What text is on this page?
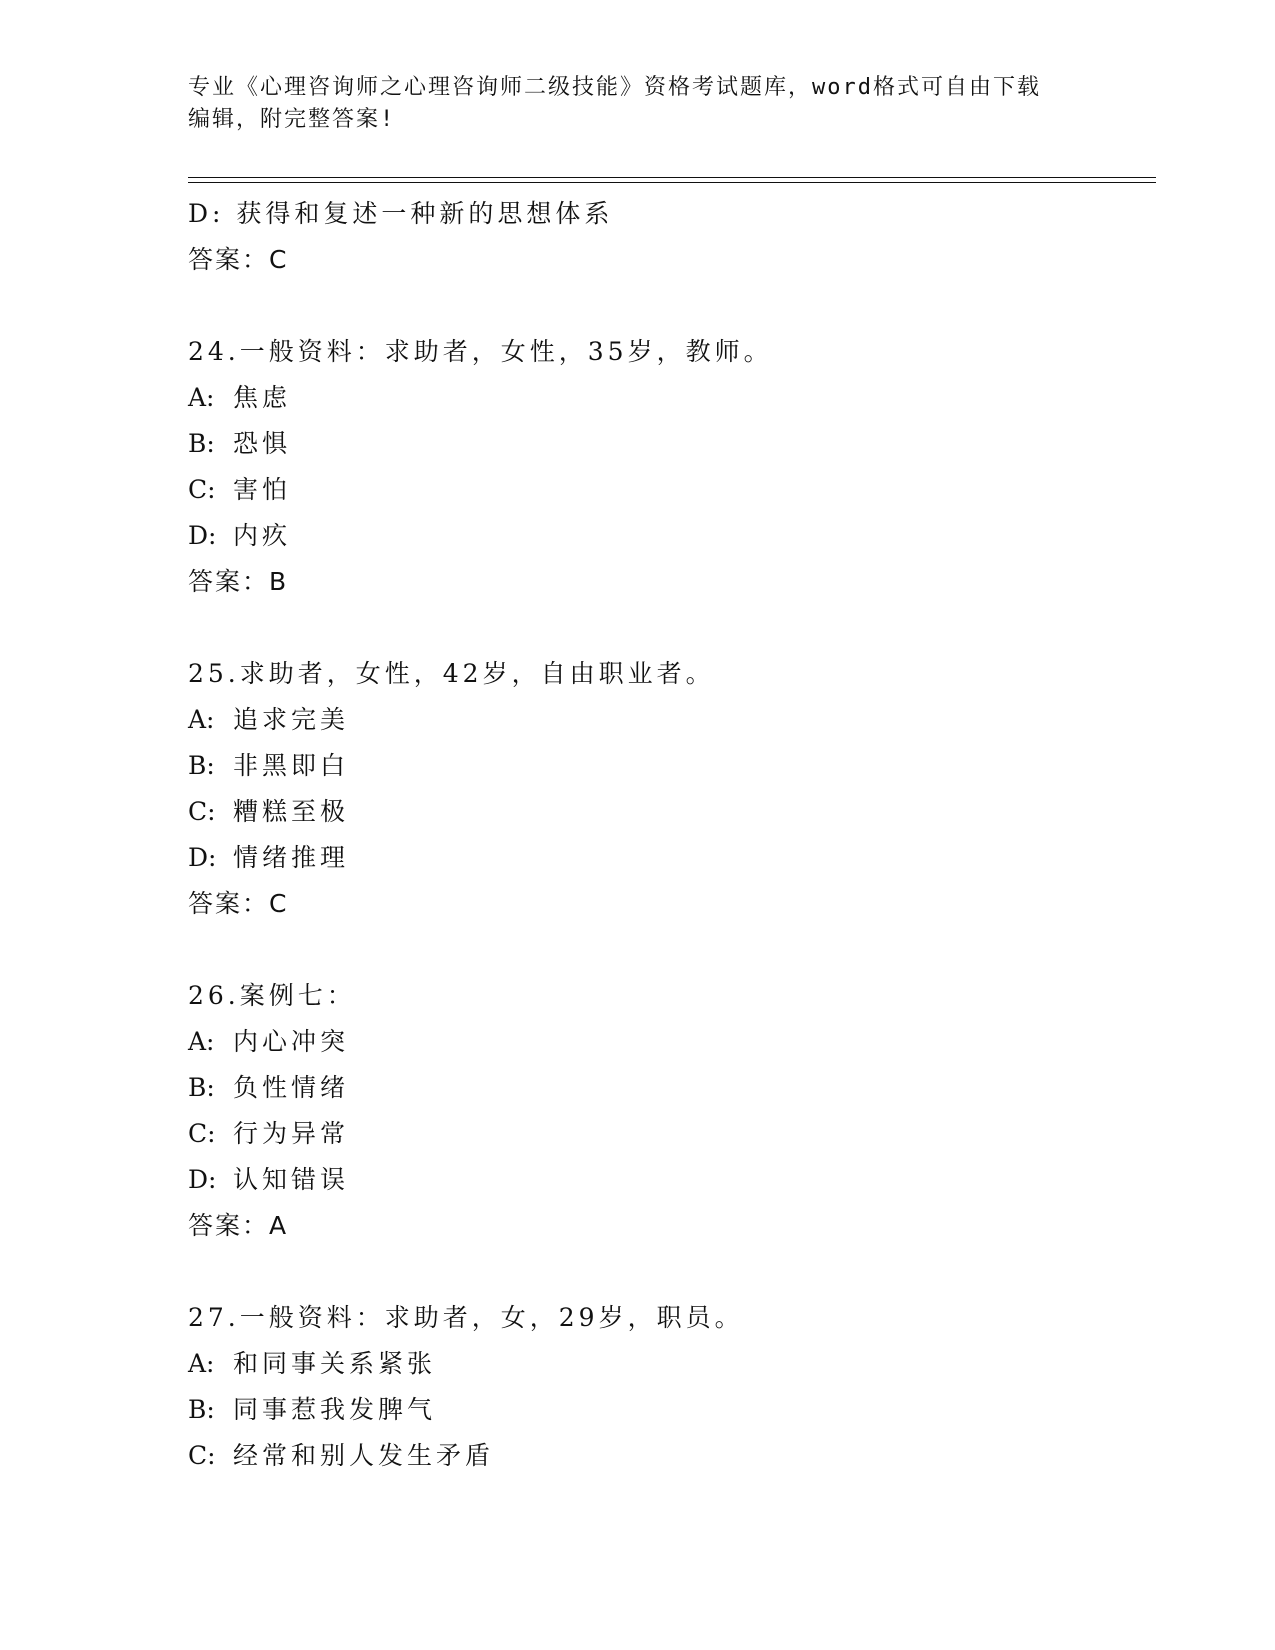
专业《心理咨询师之心理咨询师二级技能》资格考试题库，word格式可自由下载
编辑，附完整答案!
D: 获得和复述一种新的思想体系
答案：C
24.一般资料：求助者，女性，35岁，教师。
A: 焦虑
B: 恐惧
C: 害怕
D: 内疚
答案：B
25.求助者，女性，42岁，自由职业者。
A: 追求完美
B: 非黑即白
C: 糟糕至极
D: 情绪推理
答案：C
26.案例七：
A: 内心冲突
B: 负性情绪
C: 行为异常
D: 认知错误
答案：A
27.一般资料：求助者，女，29岁，职员。
A: 和同事关系紧张
B: 同事惹我发脾气
C: 经常和别人发生矛盾
